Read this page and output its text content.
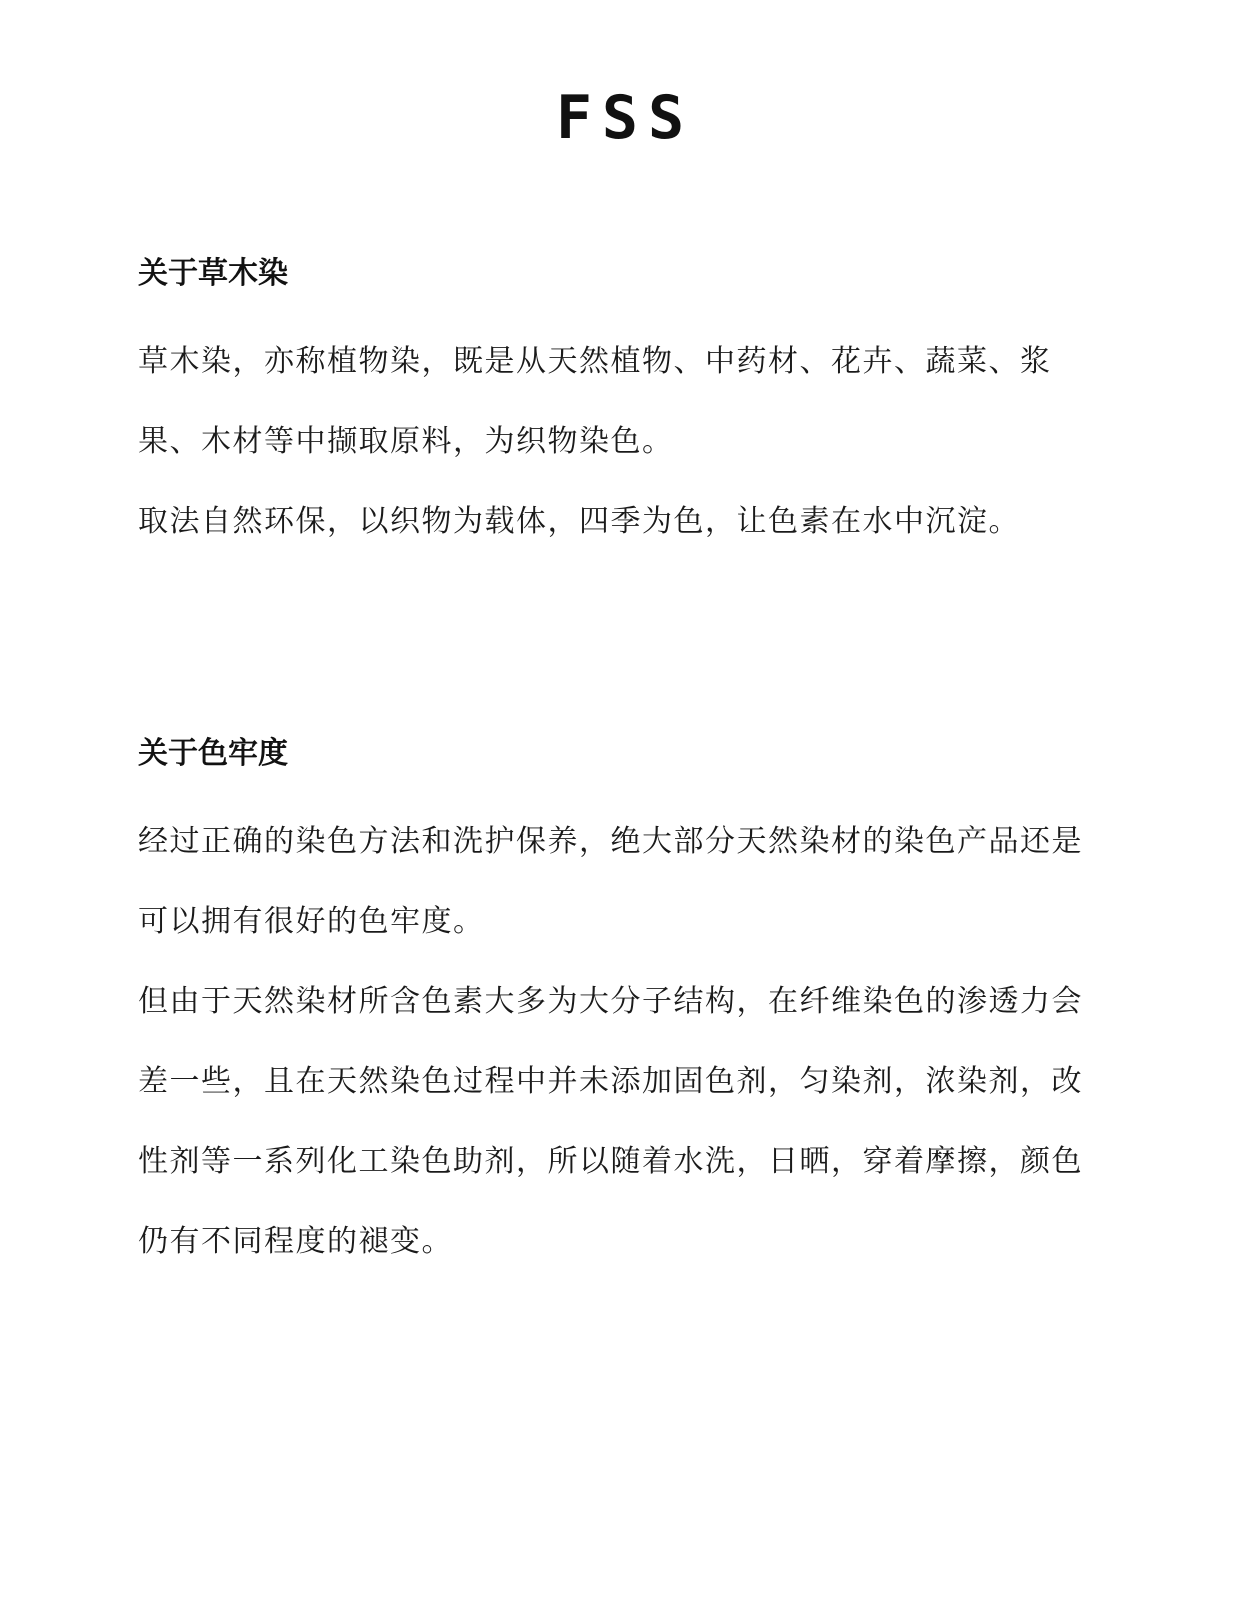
FSS
关于草木染

草木染，亦称植物染，既是从天然植物、中药材、花卉、蔬菜、浆果、木材等中撷取原料，为织物染色。

取法自然环保，以织物为载体，四季为色，让色素在水中沉淀。

关于色牢度

经过正确的染色方法和洗护保养，绝大部分天然染材的染色产品还是可以拥有很好的色牢度。

但由于天然染材所含色素大多为大分子结构，在纤维染色的渗透力会差一些，且在天然染色过程中并未添加固色剂，匀染剂，浓染剂，改性剂等一系列化工染色助剂，所以随着水洗，日晒，穿着摩擦，颜色仍有不同程度的褪变。
